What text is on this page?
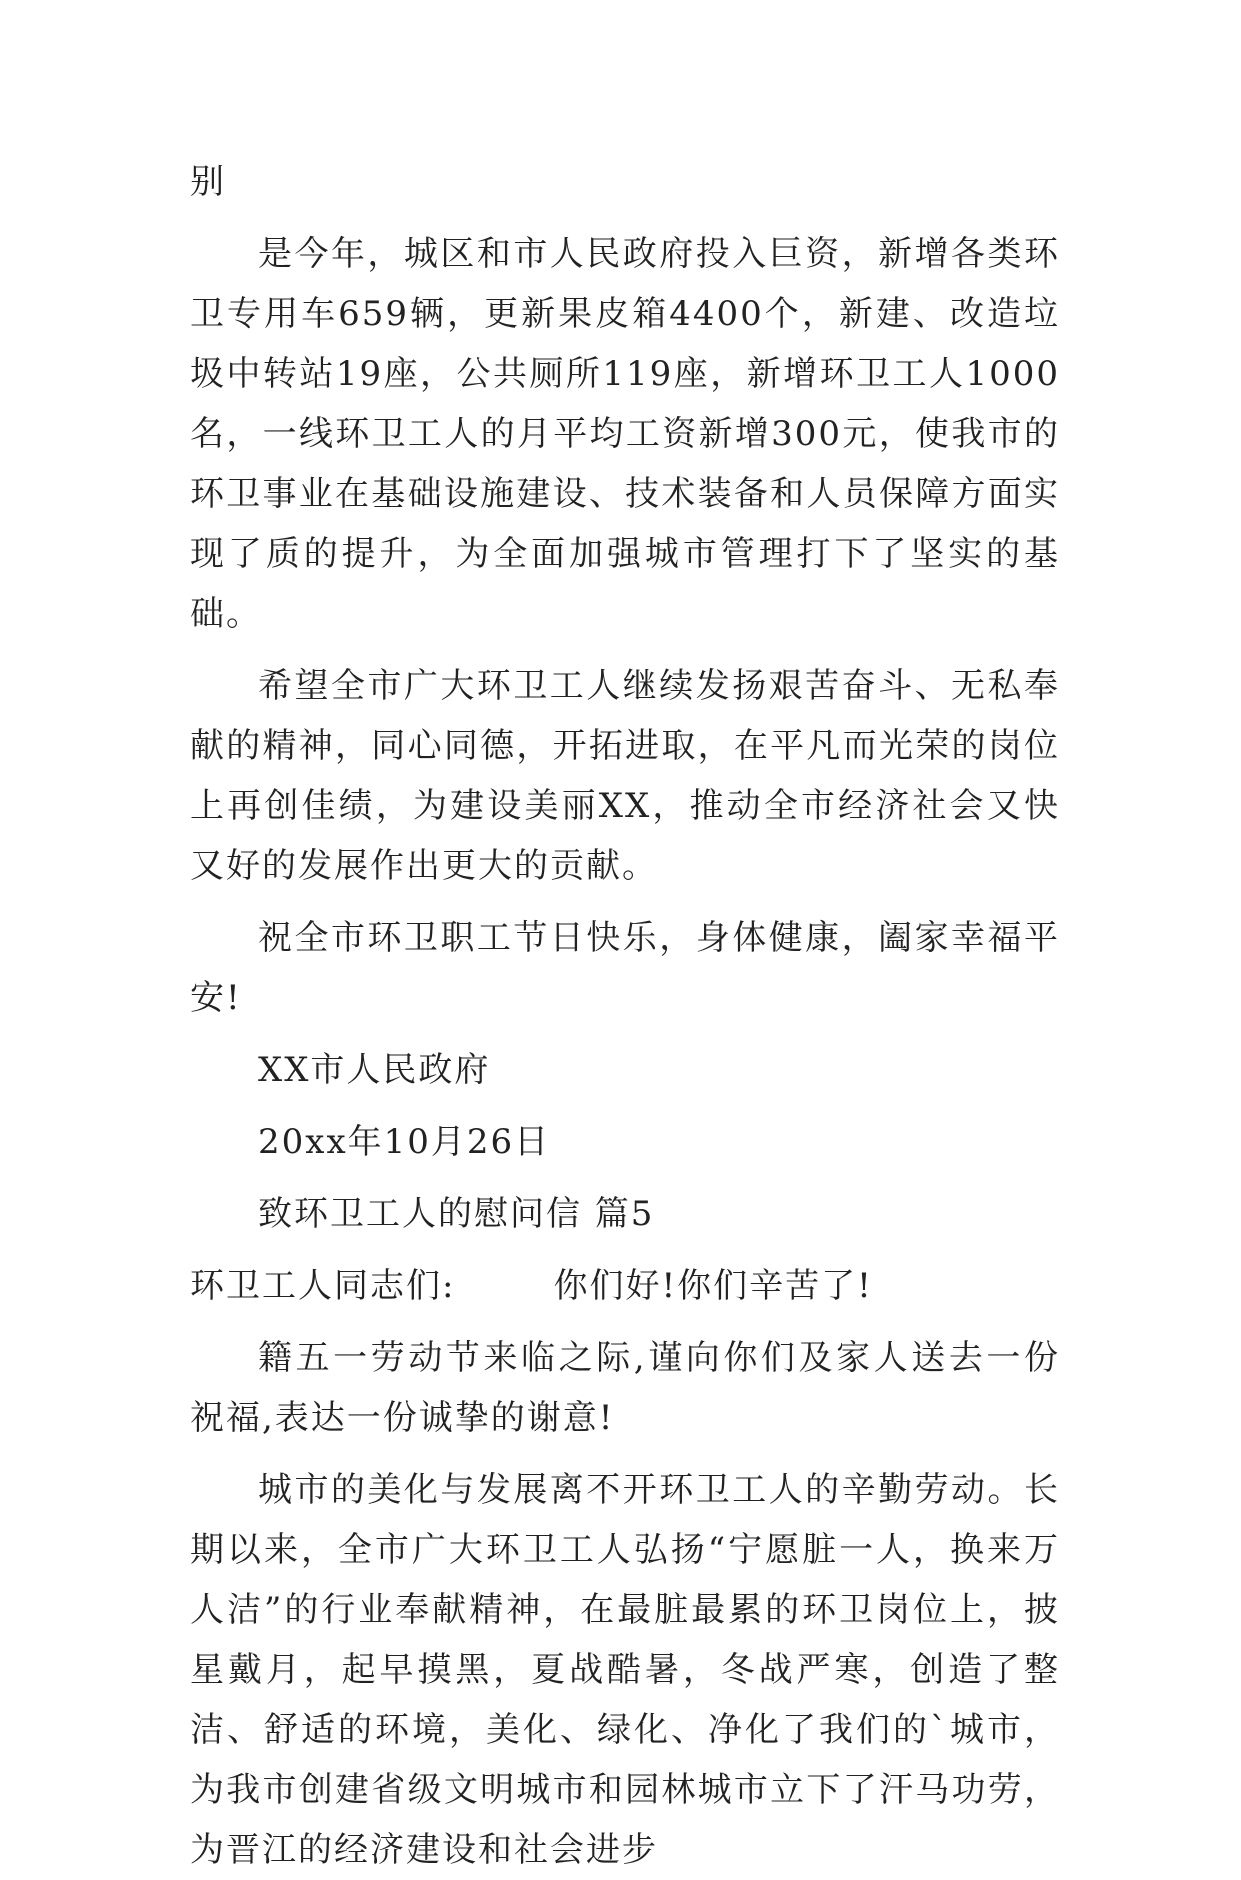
别

是今年，城区和市人民政府投入巨资，新增各类环卫专用车659辆，更新果皮箱4400个，新建、改造垃圾中转站19座，公共厕所119座，新增环卫工人1000名，一线环卫工人的月平均工资新增300元，使我市的环卫事业在基础设施建设、技术装备和人员保障方面实现了质的提升，为全面加强城市管理打下了坚实的基础。

希望全市广大环卫工人继续发扬艰苦奋斗、无私奉献的精神，同心同德，开拓进取，在平凡而光荣的岗位上再创佳绩，为建设美丽XX，推动全市经济社会又快又好的发展作出更大的贡献。

祝全市环卫职工节日快乐，身体健康，阖家幸福平安!

XX市人民政府

20xx年10月26日

致环卫工人的慰问信 篇5

环卫工人同志们:	你们好!你们辛苦了!

籍五一劳动节来临之际,谨向你们及家人送去一份祝福,表达一份诚挚的谢意!

城市的美化与发展离不开环卫工人的辛勤劳动。长期以来，全市广大环卫工人弘扬“宁愿脏一人，换来万人洁”的行业奉献精神，在最脏最累的环卫岗位上，披星戴月，起早摸黑，夏战酷暑，冬战严寒，创造了整洁、舒适的环境，美化、绿化、净化了我们的`城市，为我市创建省级文明城市和园林城市立下了汗马功劳，为晋江的经济建设和社会进步
